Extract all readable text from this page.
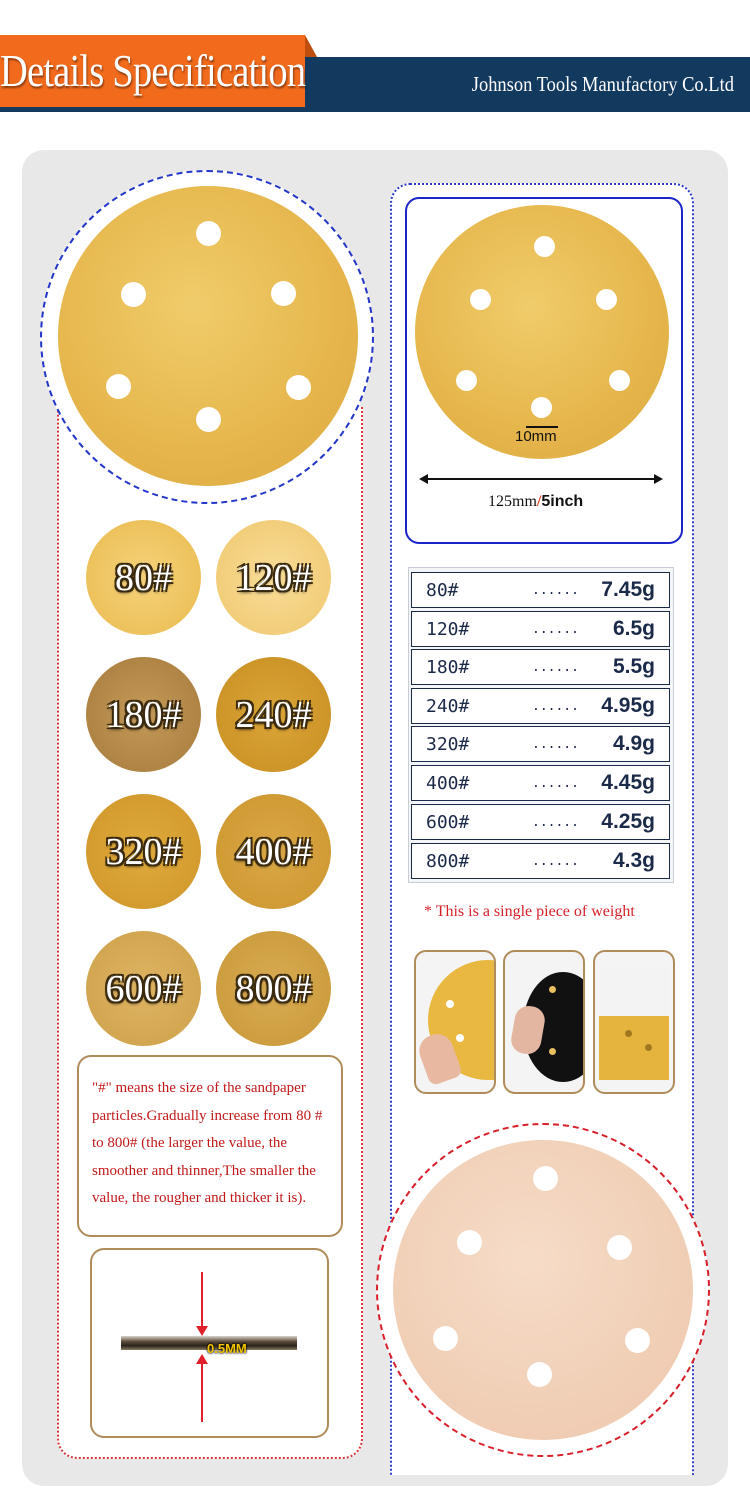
Details Specification	Johnson Tools Manufactory Co.Ltd
10mm
125mm/5inch
80# 120#
180# 240#
320# 400#
600# 800#
"#" means the size of the sandpaper particles.Gradually increase from 80 # to 800# (the larger the value, the smoother and thinner,The smaller the value, the rougher and thicker it is).
0.5MM
80#	...... 7.45g
120#	...... 6.5g
180#	...... 5.5g
240#	...... 4.95g
320#	...... 4.9g
400#	...... 4.45g
600#	...... 4.25g
800#	...... 4.3g
* This is a single piece of weight
